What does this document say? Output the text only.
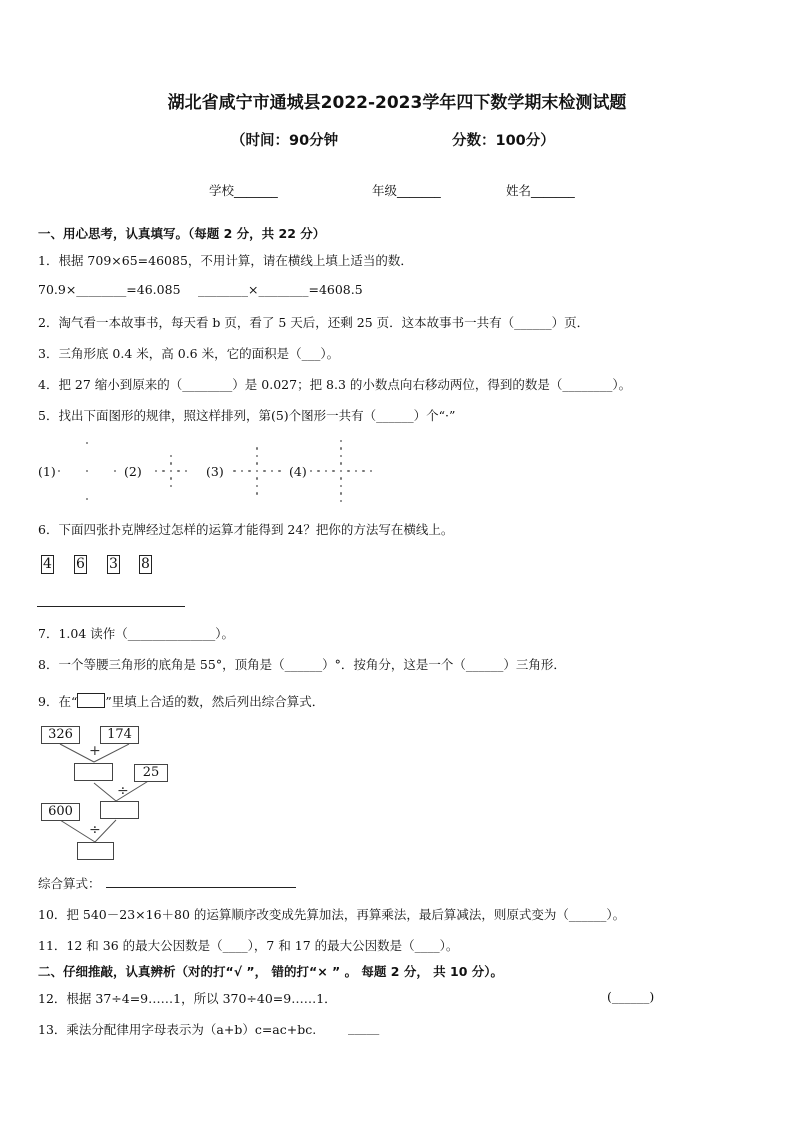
湖北省咸宁市通城县2022-2023学年四下数学期末检测试题
（时间：90分钟	分数：100分）
学校_______	年级_______	姓名_______
一、用心思考，认真填写。（每题 2 分，共 22 分）
1．根据 709×65=46085，不用计算，请在横线上填上适当的数．
70.9×________=46.085 ________×________=4608.5
2．淘气看一本故事书，每天看 b 页，看了 5 天后，还剩 25 页．这本故事书一共有（______）页．
3．三角形底 0.4 米，高 0.6 米，它的面积是（___）。
4．把 27 缩小到原来的（________）是 0.027；把 8.3 的小数点向右移动两位，得到的数是（________）。
5．找出下面图形的规律，照这样排列，第(5)个图形一共有（______）个“·”
(1)	(2)	(3)	(4)
6．下面四张扑克牌经过怎样的运算才能得到 24？把你的方法写在横线上。
4 6 3 8
7．1.04 读作（______________）。
8．一个等腰三角形的底角是 55°，顶角是（______）°．按角分，这是一个（______）三角形．
9．在“ ”里填上合适的数，然后列出综合算式．
326	174
+
25
÷
600
÷
综合算式：
10．把 540－23×16＋80 的运算顺序改变成先算加法，再算乘法，最后算减法，则原式变为（______）。
11．12 和 36 的最大公因数是（____），7 和 17 的最大公因数是（____）。
二、仔细推敲，认真辨析（对的打“√ ”， 错的打“× ” 。 每题 2 分， 共 10 分）。
12．根据 37÷4=9……1，所以 370÷40=9……1．	(______)
13．乘法分配律用字母表示为（a+b）c=ac+bc.	_____
